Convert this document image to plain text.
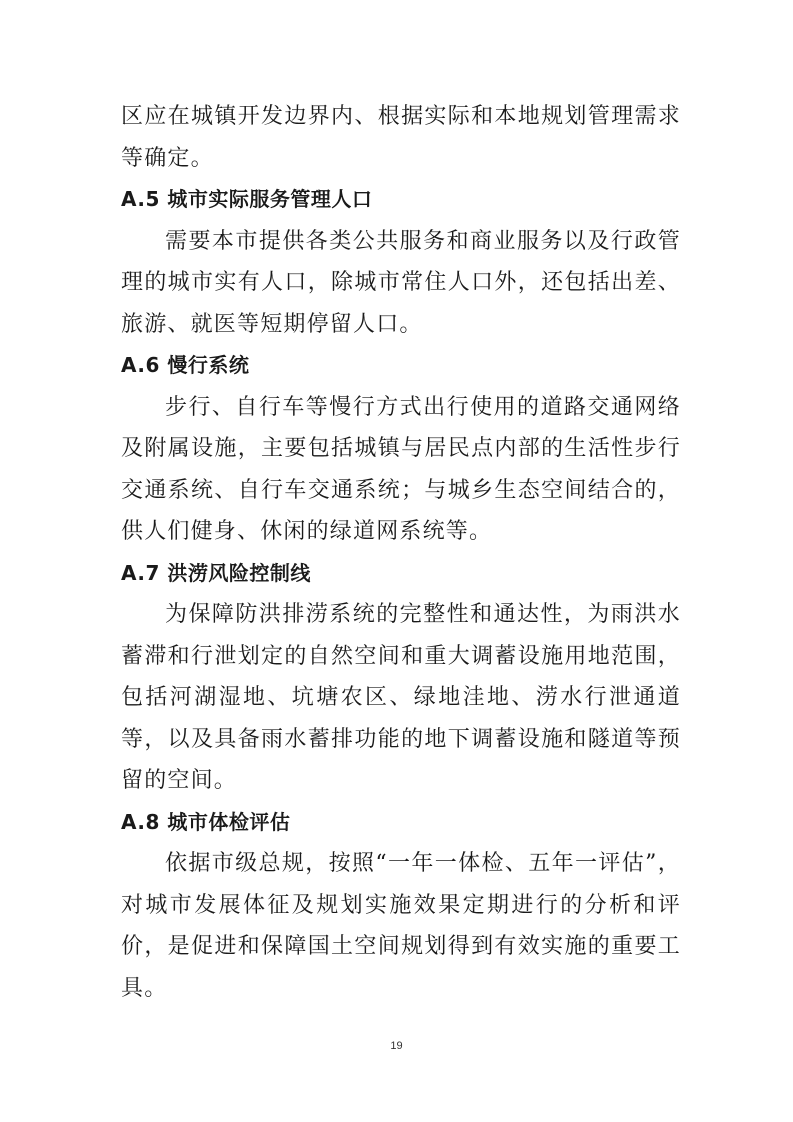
区应在城镇开发边界内、根据实际和本地规划管理需求等确定。

A.5 城市实际服务管理人口

需要本市提供各类公共服务和商业服务以及行政管理的城市实有人口，除城市常住人口外，还包括出差、旅游、就医等短期停留人口。

A.6 慢行系统

步行、自行车等慢行方式出行使用的道路交通网络及附属设施，主要包括城镇与居民点内部的生活性步行交通系统、自行车交通系统；与城乡生态空间结合的，供人们健身、休闲的绿道网系统等。

A.7 洪涝风险控制线

为保障防洪排涝系统的完整性和通达性，为雨洪水蓄滞和行泄划定的自然空间和重大调蓄设施用地范围，包括河湖湿地、坑塘农区、绿地洼地、涝水行泄通道等，以及具备雨水蓄排功能的地下调蓄设施和隧道等预留的空间。

A.8 城市体检评估

依据市级总规，按照“一年一体检、五年一评估”，对城市发展体征及规划实施效果定期进行的分析和评价，是促进和保障国土空间规划得到有效实施的重要工具。

19
